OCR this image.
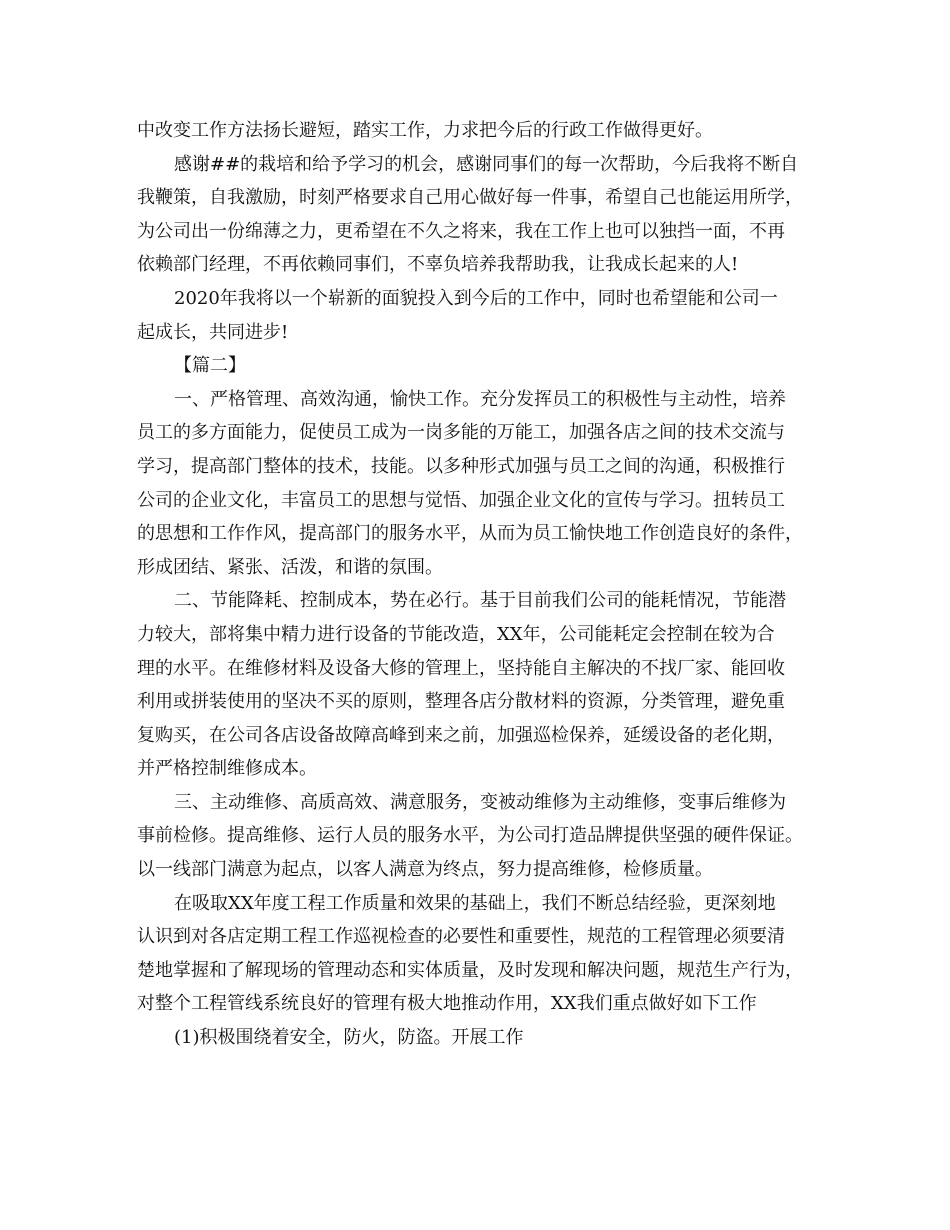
中改变工作方法扬长避短，踏实工作，力求把今后的行政工作做得更好。

感谢##的栽培和给予学习的机会，感谢同事们的每一次帮助，今后我将不断自

我鞭策，自我激励，时刻严格要求自己用心做好每一件事，希望自己也能运用所学，

为公司出一份绵薄之力，更希望在不久之将来，我在工作上也可以独挡一面，不再

依赖部门经理，不再依赖同事们，不辜负培养我帮助我，让我成长起来的人!

2020年我将以一个崭新的面貌投入到今后的工作中，同时也希望能和公司一

起成长，共同进步!

【篇二】

一、严格管理、高效沟通，愉快工作。充分发挥员工的积极性与主动性，培养

员工的多方面能力，促使员工成为一岗多能的万能工，加强各店之间的技术交流与

学习，提高部门整体的技术，技能。以多种形式加强与员工之间的沟通，积极推行

公司的企业文化，丰富员工的思想与觉悟、加强企业文化的宣传与学习。扭转员工

的思想和工作作风，提高部门的服务水平，从而为员工愉快地工作创造良好的条件，

形成团结、紧张、活泼，和谐的氛围。

二、节能降耗、控制成本，势在必行。基于目前我们公司的能耗情况，节能潜

力较大，部将集中精力进行设备的节能改造，XX年，公司能耗定会控制在较为合

理的水平。在维修材料及设备大修的管理上，坚持能自主解决的不找厂家、能回收

利用或拼装使用的坚决不买的原则，整理各店分散材料的资源，分类管理，避免重

复购买，在公司各店设备故障高峰到来之前，加强巡检保养，延缓设备的老化期，

并严格控制维修成本。

三、主动维修、高质高效、满意服务，变被动维修为主动维修，变事后维修为

事前检修。提高维修、运行人员的服务水平，为公司打造品牌提供坚强的硬件保证。

以一线部门满意为起点，以客人满意为终点，努力提高维修，检修质量。

在吸取XX年度工程工作质量和效果的基础上，我们不断总结经验，更深刻地

认识到对各店定期工程工作巡视检查的必要性和重要性，规范的工程管理必须要清

楚地掌握和了解现场的管理动态和实体质量，及时发现和解决问题，规范生产行为，

对整个工程管线系统良好的管理有极大地推动作用，XX我们重点做好如下工作

(1)积极围绕着安全，防火，防盗。开展工作
